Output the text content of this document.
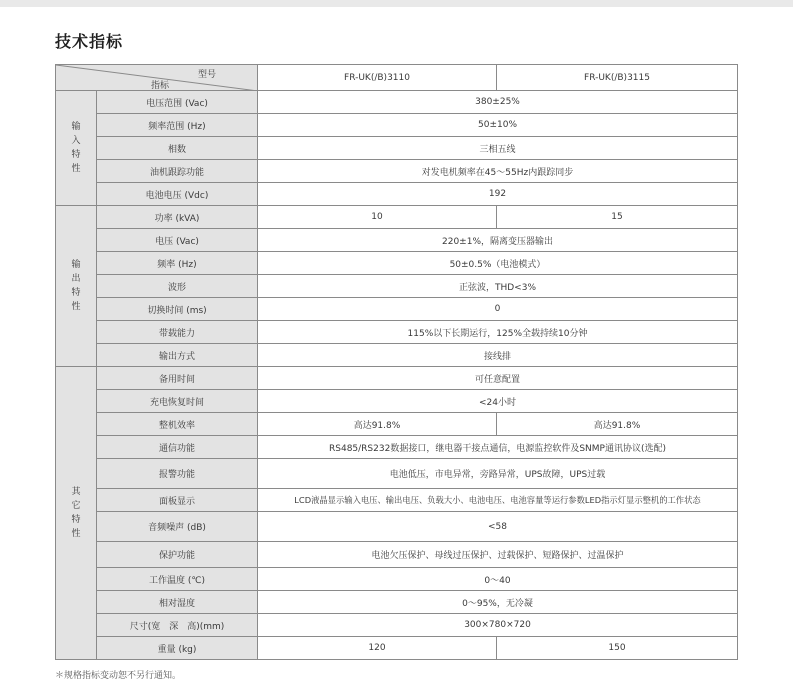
技术指标
型号
指标		FR-UK(/B)3110	FR-UK(/B)3115

输
入
特
性	电压范围 (Vac)	380±25%	
	频率范围 (Hz)	50±10%	
	相数	三相五线	
	油机跟踪功能	对发电机频率在45～55Hz内跟踪同步	
	电池电压 (Vdc)	192	

输
出
特
性	功率 (kVA)	10	15
	电压 (Vac)	220±1%，隔离变压器输出	
	频率 (Hz)	50±0.5%（电池模式）	
	波形	正弦波，THD<3%	
	切换时间 (ms)	0	
	带载能力	115%以下长期运行，125%全载持续10分钟	
	输出方式	接线排	

其
它
特
性	备用时间	可任意配置	
	充电恢复时间	<24小时	
	整机效率	高达91.8%	高达91.8%
	通信功能	RS485/RS232数据接口，继电器干接点通信，电源监控软件及SNMP通讯协议(选配)	
	报警功能	电池低压，市电异常，旁路异常，UPS故障，UPS过载	
	面板显示	LCD液晶显示输入电压、输出电压、负载大小、电池电压、电池容量等运行参数LED指示灯显示整机的工作状态	
	音频噪声 (dB)	<58	
	保护功能	电池欠压保护、母线过压保护、过载保护、短路保护、过温保护	
	工作温度 (℃)	0～40	
	相对湿度	0～95%，无冷凝	
	尺寸(宽　深　高)(mm)	300×780×720	
	重量 (kg)	120	150
＊规格指标变动恕不另行通知。
